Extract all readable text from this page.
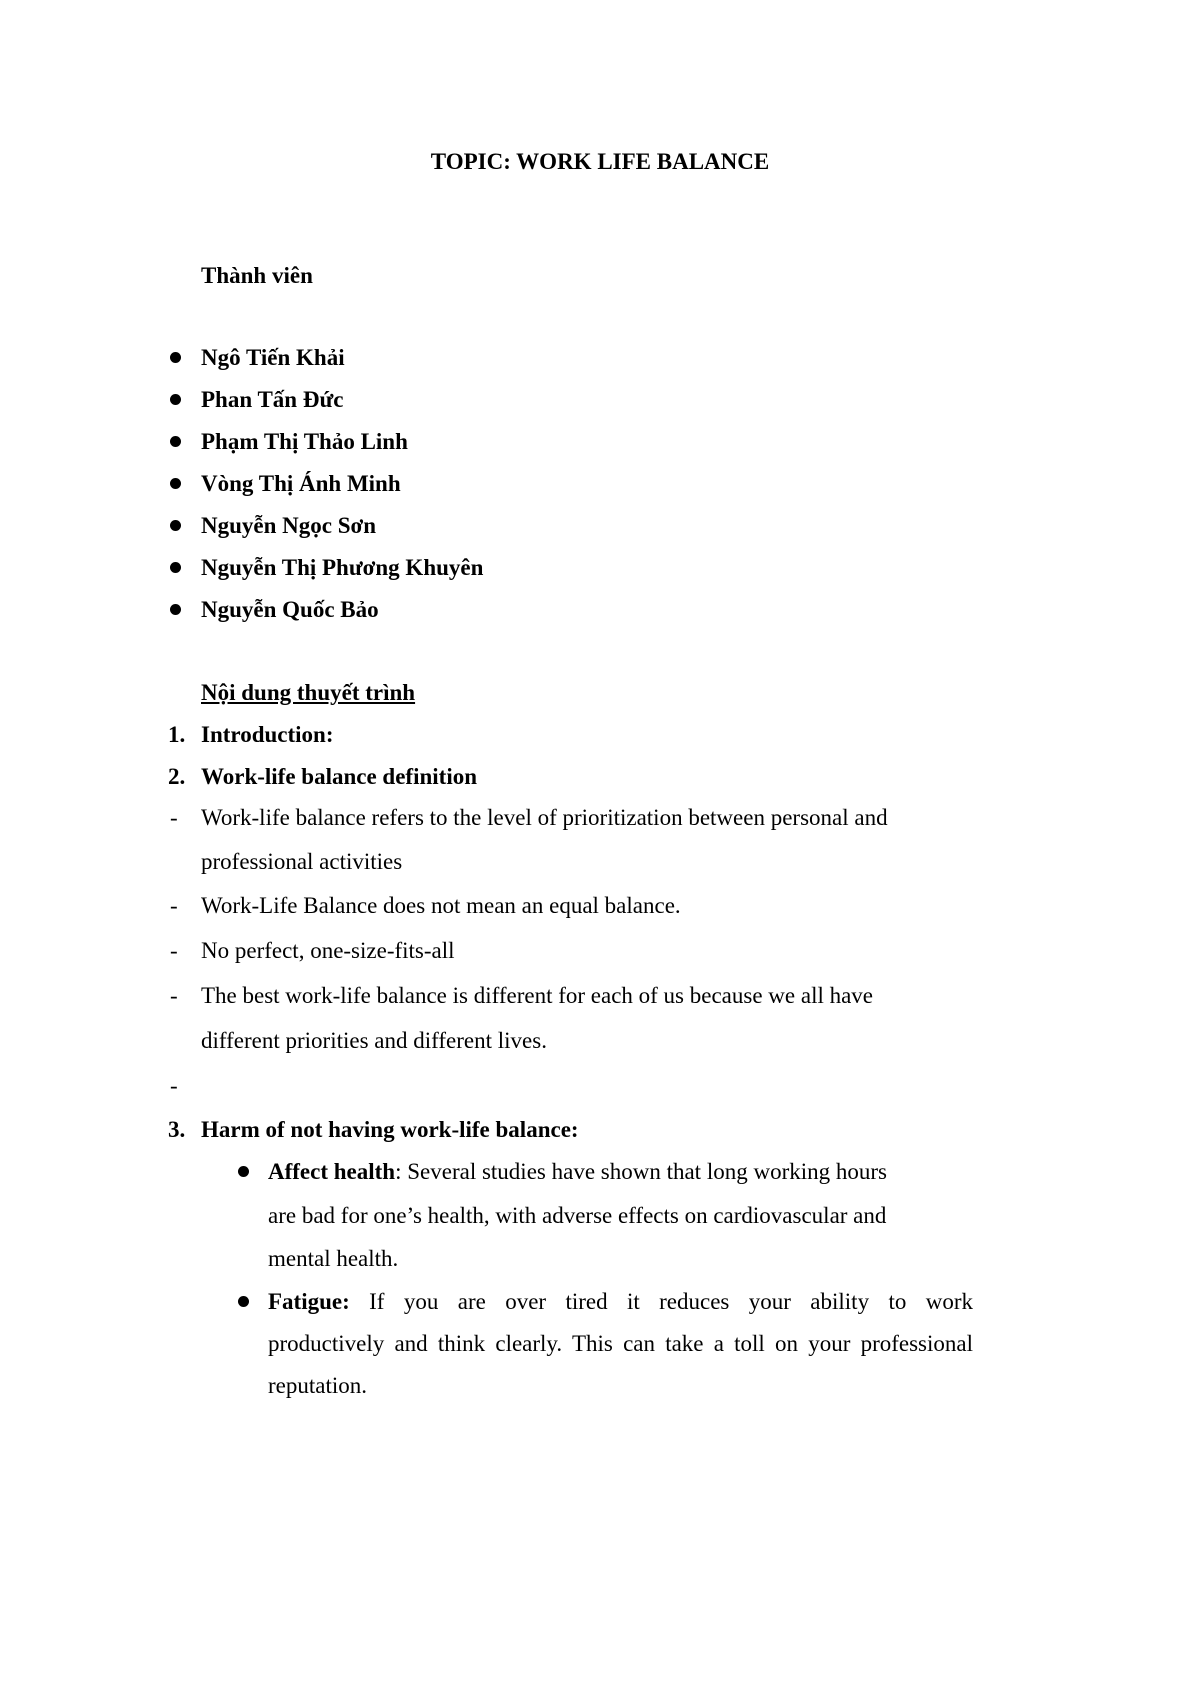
TOPIC: WORK LIFE BALANCE
Thành viên
Ngô Tiến Khải
Phan Tấn Đức
Phạm Thị Thảo Linh
Vòng Thị Ánh Minh
Nguyễn Ngọc Sơn
Nguyễn Thị Phương Khuyên
Nguyễn Quốc Bảo
Nội dung thuyết trình
1. Introduction:
2. Work-life balance definition
- Work-life balance refers to the level of prioritization between personal and
professional activities
- Work-Life Balance does not mean an equal balance.
- No perfect, one-size-fits-all
- The best work-life balance is different for each of us because we all have
different priorities and different lives.
-
3. Harm of not having work-life balance:
Affect health: Several studies have shown that long working hours
are bad for one’s health, with adverse effects on cardiovascular and
mental health.
Fatigue: If you are over tired it reduces your ability to work
productively and think clearly. This can take a toll on your professional
reputation.
